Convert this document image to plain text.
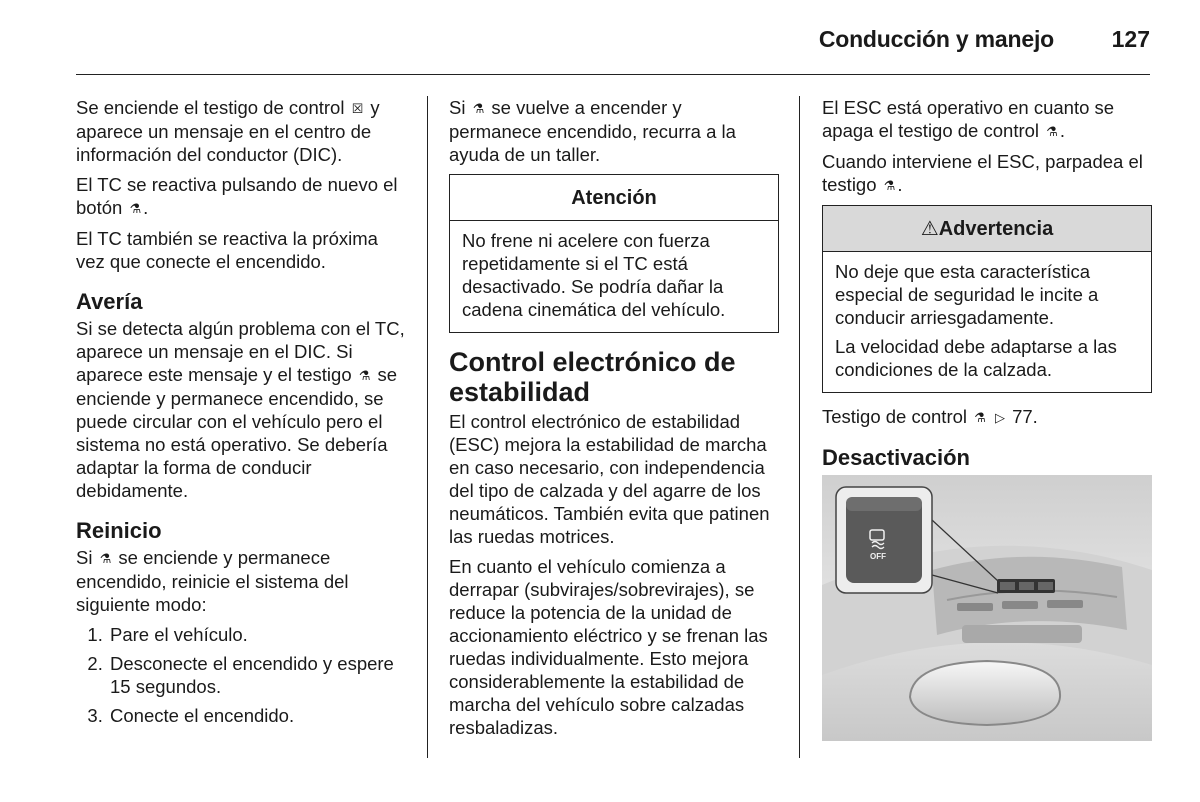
Conducción y manejo	127

Se enciende el testigo de control ☒ y aparece un mensaje en el centro de información del conductor (DIC).

El TC se reactiva pulsando de nuevo el botón ⚗ .

El TC también se reactiva la próxima vez que conecte el encendido.

Avería

Si se detecta algún problema con el TC, aparece un mensaje en el DIC. Si aparece este mensaje y el testigo ⚗ se enciende y permanece encendido, se puede circular con el vehículo pero el sistema no está operativo. Se debería adaptar la forma de conducir debidamente.

Reinicio

Si ⚗ se enciende y permanece encendido, reinicie el sistema del siguiente modo:

1. Pare el vehículo.
2. Desconecte el encendido y espere 15 segundos.
3. Conecte el encendido.

Si ⚗ se vuelve a encender y permanece encendido, recurra a la ayuda de un taller.

Atención

No frene ni acelere con fuerza repetidamente si el TC está desactivado. Se podría dañar la cadena cinemática del vehículo.

Control electrónico de estabilidad

El control electrónico de estabilidad (ESC) mejora la estabilidad de marcha en caso necesario, con independencia del tipo de calzada y del agarre de los neumáticos. También evita que patinen las ruedas motrices.

En cuanto el vehículo comienza a derrapar (subvirajes/sobrevirajes), se reduce la potencia de la unidad de accionamiento eléctrico y se frenan las ruedas individualmente. Esto mejora considerablemente la estabilidad de marcha del vehículo sobre calzadas resbaladizas.

El ESC está operativo en cuanto se apaga el testigo de control ⚗ .

Cuando interviene el ESC, parpadea el testigo ⚗ .

⚠Advertencia

No deje que esta característica especial de seguridad le incite a conducir arriesgadamente.

La velocidad debe adaptarse a las condiciones de la calzada.

Testigo de control ⚗ ▷ 77.

Desactivación
OFF
